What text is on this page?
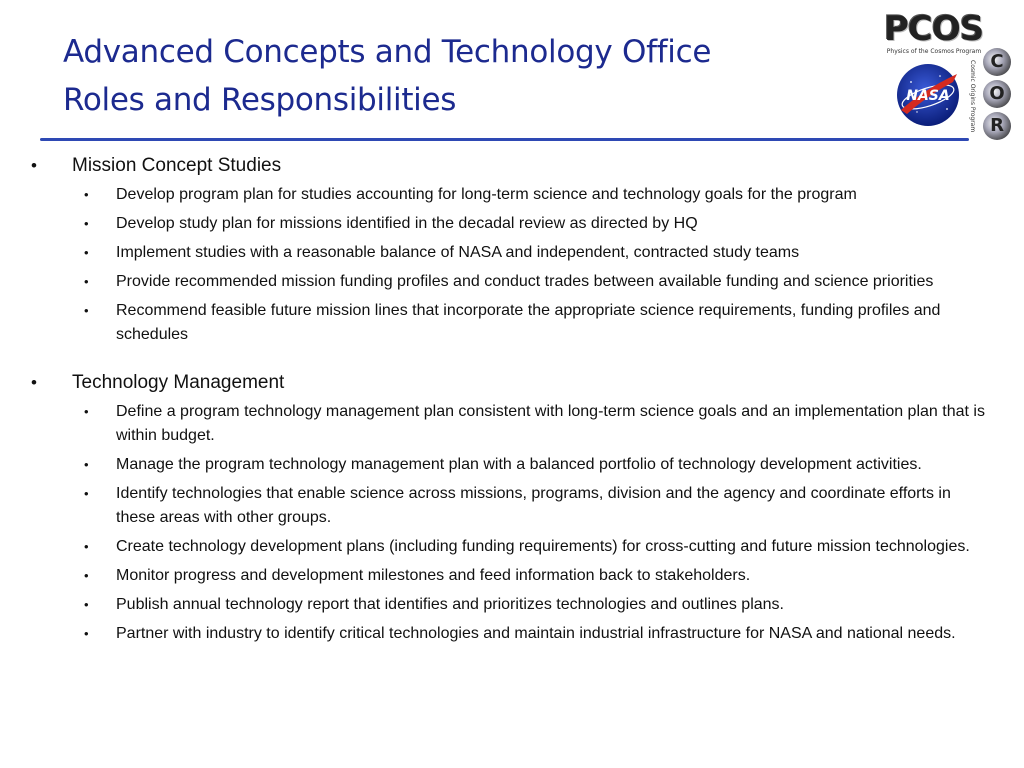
Advanced Concepts and Technology Office
Roles and Responsibilities
PCOS
Physics of the Cosmos Program
NASA	Cosmic Origins Program C
O
R
• Mission Concept Studies
• Develop program plan for studies accounting for long-term science and technology goals for the program
• Develop study plan for missions identified in the decadal review as directed by HQ
• Implement studies with a reasonable balance of NASA and independent, contracted study teams
• Provide recommended mission funding profiles and conduct trades between available funding and science priorities
• Recommend feasible future mission lines that incorporate the appropriate science requirements, funding profiles and schedules
• Technology Management
• Define a program technology management plan consistent with long-term science goals and an implementation plan that is within budget.
• Manage the program technology management plan with a balanced portfolio of technology development activities.
• Identify technologies that enable science across missions, programs, division and the agency and coordinate efforts in these areas with other groups.
• Create technology development plans (including funding requirements) for cross-cutting and future mission technologies.
• Monitor progress and development milestones and feed information back to stakeholders.
• Publish annual technology report that identifies and prioritizes technologies and outlines plans.
• Partner with industry to identify critical technologies and maintain industrial infrastructure for NASA and national needs.
